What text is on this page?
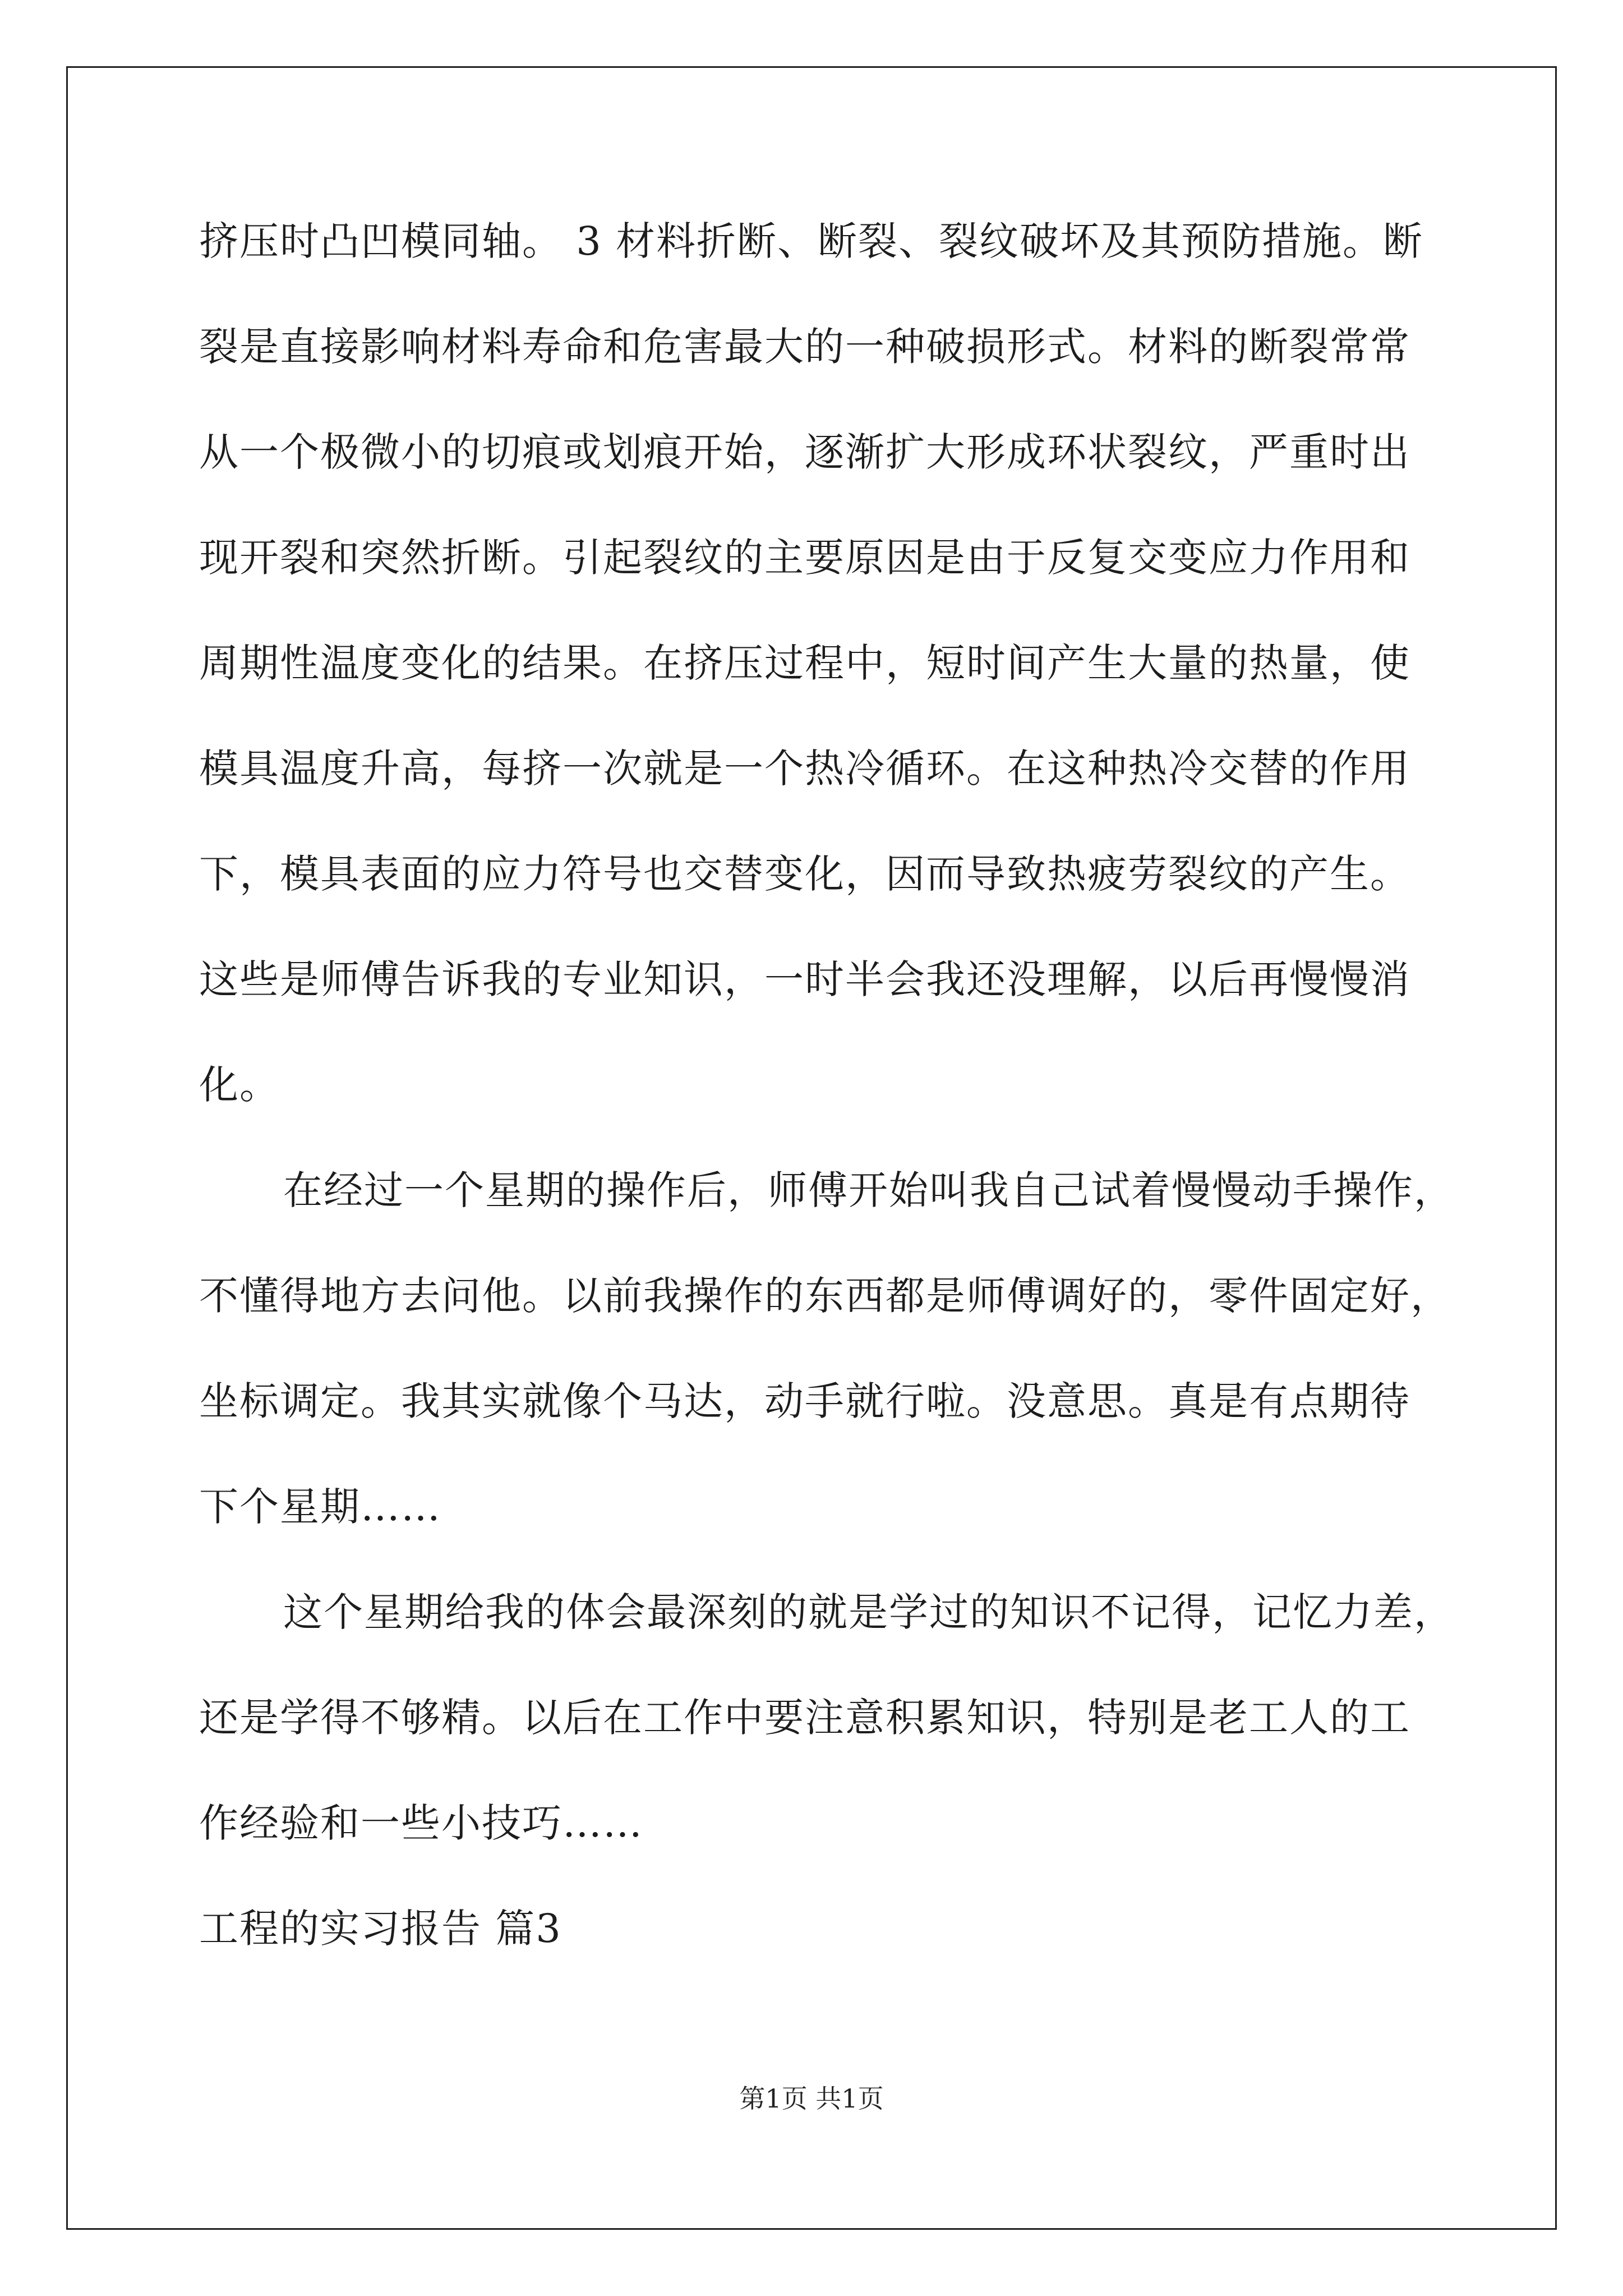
挤压时凸凹模同轴。 3 材料折断、断裂、裂纹破坏及其预防措施。断
裂是直接影响材料寿命和危害最大的一种破损形式。材料的断裂常常
从一个极微小的切痕或划痕开始，逐渐扩大形成环状裂纹，严重时出
现开裂和突然折断。引起裂纹的主要原因是由于反复交变应力作用和
周期性温度变化的结果。在挤压过程中，短时间产生大量的热量，使
模具温度升高，每挤一次就是一个热冷循环。在这种热冷交替的作用
下，模具表面的应力符号也交替变化，因而导致热疲劳裂纹的产生。
这些是师傅告诉我的专业知识，一时半会我还没理解，以后再慢慢消
化。
在经过一个星期的操作后，师傅开始叫我自己试着慢慢动手操作，
不懂得地方去问他。以前我操作的东西都是师傅调好的，零件固定好，
坐标调定。我其实就像个马达，动手就行啦。没意思。真是有点期待
下个星期……
这个星期给我的体会最深刻的就是学过的知识不记得，记忆力差，
还是学得不够精。以后在工作中要注意积累知识，特别是老工人的工
作经验和一些小技巧……
工程的实习报告 篇3
第1页 共1页
